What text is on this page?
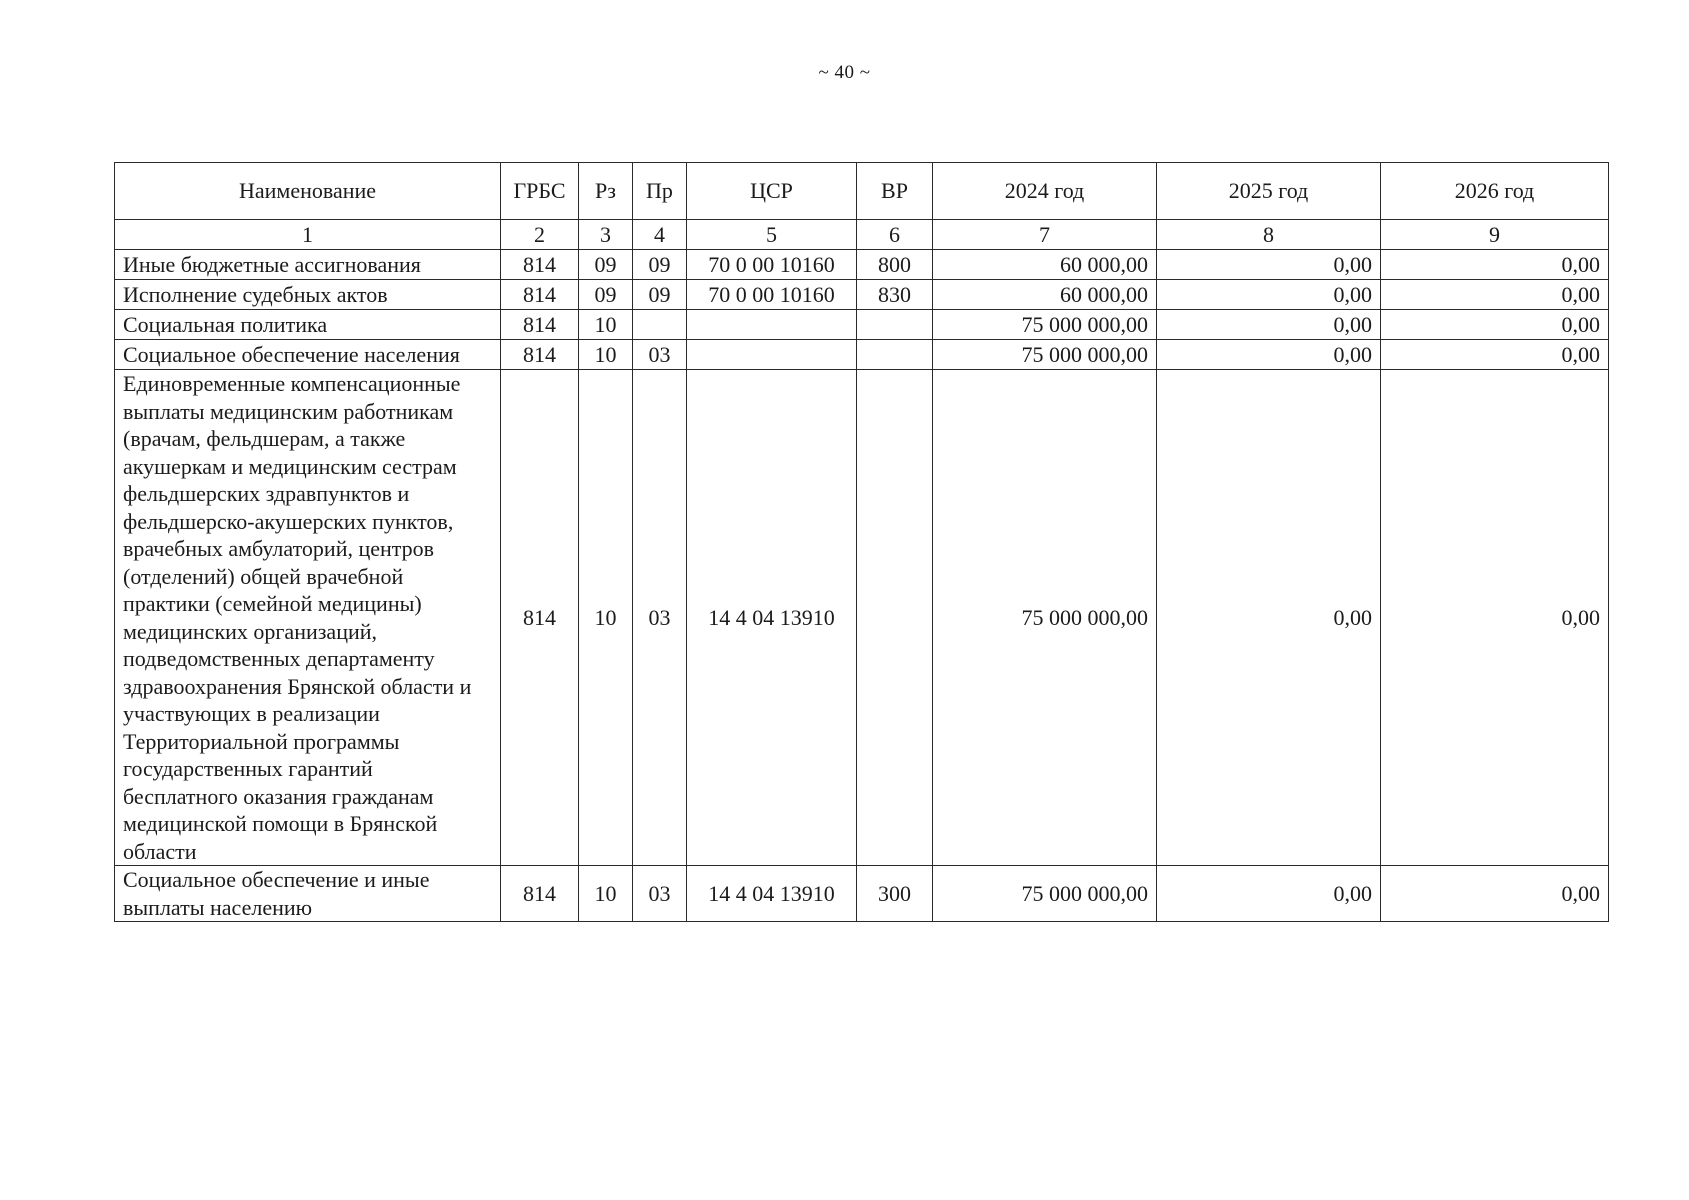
~ 40 ~
Наименование	ГРБС	Рз	Пр	ЦСР	ВР	2024 год	2025 год	2026 год
1	2	3	4	5	6	7	8	9
Иные бюджетные ассигнования	814	09	09	70 0 00 10160	800	60 000,00	0,00	0,00
Исполнение судебных актов	814	09	09	70 0 00 10160	830	60 000,00	0,00	0,00
Социальная политика	814	10				75 000 000,00	0,00	0,00
Социальное обеспечение населения	814	10	03			75 000 000,00	0,00	0,00
Единовременные компенсационные выплаты медицинским работникам (врачам, фельдшерам, а также акушеркам и медицинским сестрам фельдшерских здравпунктов и фельдшерско-акушерских пунктов, врачебных амбулаторий, центров (отделений) общей врачебной практики (семейной медицины) медицинских организаций, подведомственных департаменту здравоохранения Брянской области и участвующих в реализации Территориальной программы государственных гарантий бесплатного оказания гражданам медицинской помощи в Брянской области	814	10	03	14 4 04 13910		75 000 000,00	0,00	0,00
Социальное обеспечение и иные выплаты населению	814	10	03	14 4 04 13910	300	75 000 000,00	0,00	0,00
